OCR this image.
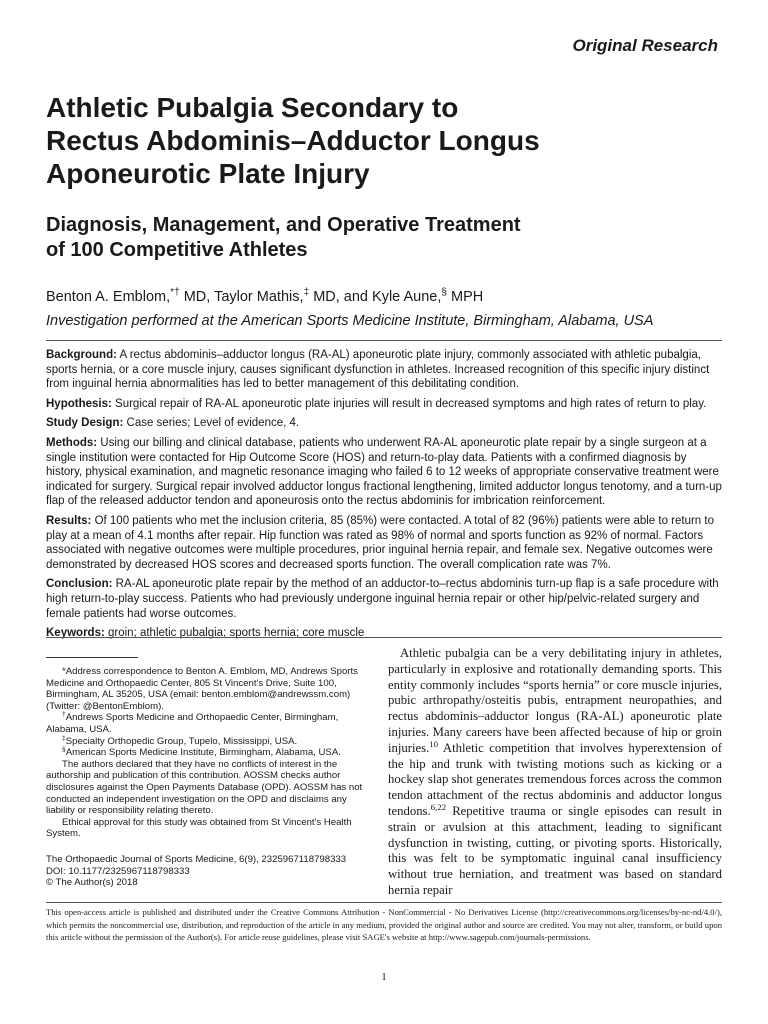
Original Research
Athletic Pubalgia Secondary to
Rectus Abdominis–Adductor Longus
Aponeurotic Plate Injury
Diagnosis, Management, and Operative Treatment
of 100 Competitive Athletes
Benton A. Emblom,*† MD, Taylor Mathis,‡ MD, and Kyle Aune,§ MPH
Investigation performed at the American Sports Medicine Institute, Birmingham, Alabama, USA

Background: A rectus abdominis–adductor longus (RA-AL) aponeurotic plate injury, commonly associated with athletic pubalgia, sports hernia, or a core muscle injury, causes significant dysfunction in athletes. Increased recognition of this specific injury distinct from inguinal hernia abnormalities has led to better management of this debilitating condition.

Hypothesis: Surgical repair of RA-AL aponeurotic plate injuries will result in decreased symptoms and high rates of return to play.

Study Design: Case series; Level of evidence, 4.

Methods: Using our billing and clinical database, patients who underwent RA-AL aponeurotic plate repair by a single surgeon at a single institution were contacted for Hip Outcome Score (HOS) and return-to-play data. Patients with a confirmed diagnosis by history, physical examination, and magnetic resonance imaging who failed 6 to 12 weeks of appropriate conservative treatment were indicated for surgery. Surgical repair involved adductor longus fractional lengthening, limited adductor longus tenotomy, and a turn-up flap of the released adductor tendon and aponeurosis onto the rectus abdominis for imbrication reinforcement.

Results: Of 100 patients who met the inclusion criteria, 85 (85%) were contacted. A total of 82 (96%) patients were able to return to play at a mean of 4.1 months after repair. Hip function was rated as 98% of normal and sports function as 92% of normal. Factors associated with negative outcomes were multiple procedures, prior inguinal hernia repair, and female sex. Negative outcomes were demonstrated by decreased HOS scores and decreased sports function. The overall complication rate was 7%.

Conclusion: RA-AL aponeurotic plate repair by the method of an adductor-to–rectus abdominis turn-up flap is a safe procedure with high return-to-play success. Patients who had previously undergone inguinal hernia repair or other hip/pelvic-related surgery and female patients had worse outcomes.

Keywords: groin; athletic pubalgia; sports hernia; core muscle

*Address correspondence to Benton A. Emblom, MD, Andrews Sports Medicine and Orthopaedic Center, 805 St Vincent's Drive, Suite 100, Birmingham, AL 35205, USA (email: benton.emblom@andrewssm.com)(Twitter: @BentonEmblom).

†Andrews Sports Medicine and Orthopaedic Center, Birmingham, Alabama, USA.

‡Specialty Orthopedic Group, Tupelo, Mississippi, USA.

§American Sports Medicine Institute, Birmingham, Alabama, USA.

The authors declared that they have no conflicts of interest in the authorship and publication of this contribution. AOSSM checks author disclosures against the Open Payments Database (OPD). AOSSM has not conducted an independent investigation on the OPD and disclaims any liability or responsibility relating thereto.

Ethical approval for this study was obtained from St Vincent's Health System.

The Orthopaedic Journal of Sports Medicine, 6(9), 2325967118798333
DOI: 10.1177/2325967118798333
© The Author(s) 2018

Athletic pubalgia can be a very debilitating injury in athletes, particularly in explosive and rotationally demanding sports. This entity commonly includes “sports hernia” or core muscle injuries, pubic arthropathy/osteitis pubis, entrapment neuropathies, and rectus abdominis–adductor longus (RA-AL) aponeurotic plate injuries. Many careers have been affected because of hip or groin injuries.$^{10}$ Athletic competition that involves hyperextension of the hip and trunk with twisting motions such as kicking or a hockey slap shot generates tremendous forces across the common tendon attachment of the rectus abdominis and adductor longus tendons.$^{6,22}$ Repetitive trauma or single episodes can result in strain or avulsion at this attachment, leading to significant dysfunction in twisting, cutting, or pivoting sports. Historically, this was felt to be symptomatic inguinal canal insufficiency without true herniation, and treatment was based on standard hernia repair

This open-access article is published and distributed under the Creative Commons Attribution - NonCommercial - No Derivatives License (http://creativecommons.org/licenses/by-nc-nd/4.0/), which permits the noncommercial use, distribution, and reproduction of the article in any medium, provided the original author and source are credited. You may not alter, transform, or build upon this article without the permission of the Author(s). For article reuse guidelines, please visit SAGE's website at http://www.sagepub.com/journals-permissions.
1
